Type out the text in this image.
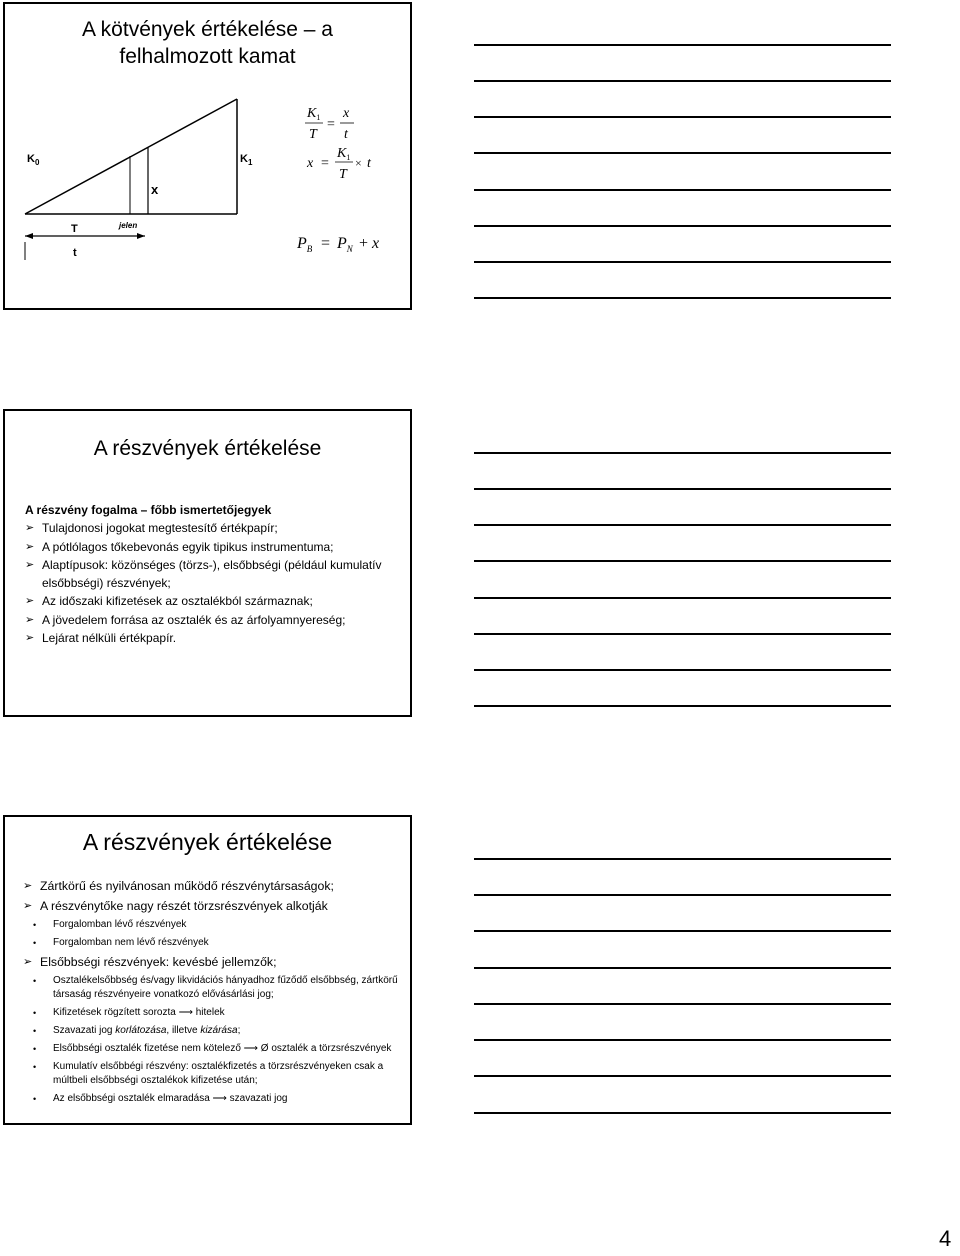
A kötvények értékelése – a
felhalmozott kamat
$K_0$	$K_1$
x
T	jelen
t
$K_1$
T
=
x
t
x =
$K_1$
T
× t
$P_B = P_N + x$
A részvények értékelése
A részvény fogalma – főbb ismertetőjegyek
➢ Tulajdonosi jogokat megtestesítő értékpapír;
➢ A pótlólagos tőkebevonás egyik tipikus instrumentuma;
➢ Alaptípusok: közönséges (törzs-), elsőbbségi (például kumulatív elsőbbségi) részvények;
➢ Az időszaki kifizetések az osztalékból származnak;
➢ A jövedelem forrása az osztalék és az árfolyamnyereség;
➢ Lejárat nélküli értékpapír.
A részvények értékelése
➢ Zártkörű és nyilvánosan működő részvénytársaságok;
➢ A részvénytőke nagy részét törzsrészvények alkotják
• Forgalomban lévő részvények
• Forgalomban nem lévő részvények
➢ Elsőbbségi részvények: kevésbé jellemzők;
• Osztalékelsőbbség és/vagy likvidációs hányadhoz fűződő elsőbbség, zártkörű társaság részvényeire vonatkozó elővásárlási jog;
• Kifizetések rögzített sorozta ⟶ hitelek
• Szavazati jog korlátozása, illetve kizárása;
• Elsőbbségi osztalék fizetése nem kötelező ⟶ Ø osztalék a törzsrészvények
• Kumulatív elsőbbégi részvény: osztalékfizetés a törzsrészvényeken csak a múltbeli elsőbbségi osztalékok kifizetése után;
• Az elsőbbségi osztalék elmaradása ⟶ szavazati jog
4
